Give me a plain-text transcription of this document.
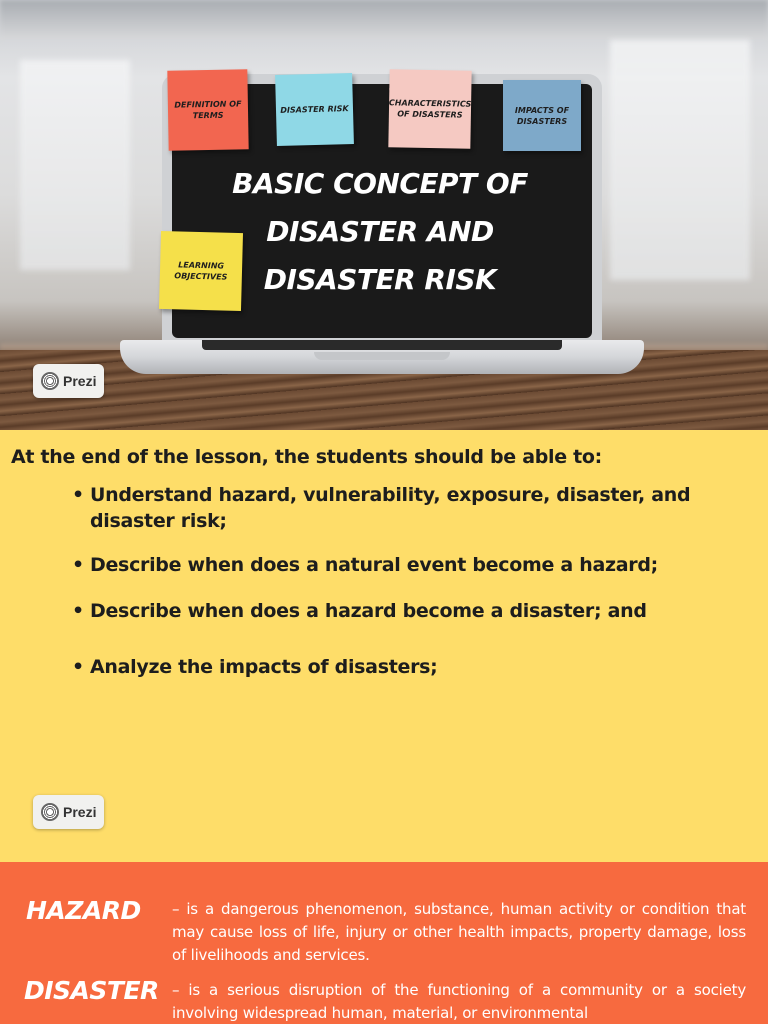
BASIC CONCEPT OF
DISASTER AND
DISASTER RISK
DEFINITION OF TERMS
DISASTER RISK
CHARACTERISTICS OF DISASTERS	IMPACTS OF DISASTERS
LEARNING OBJECTIVES
Prezi
At the end of the lesson, the students should be able to:
• Understand hazard, vulnerability, exposure, disaster, and disaster risk;
• Describe when does a natural event become a hazard;
• Describe when does a hazard become a disaster; and
• Analyze the impacts of disasters;
Prezi
HAZARD – is a dangerous phenomenon, substance, human activity or condition that may cause loss of life, injury or other health impacts, property damage, loss of livelihoods and services.
DISASTER – is a serious disruption of the functioning of a community or a society involving widespread human, material, or environmental
